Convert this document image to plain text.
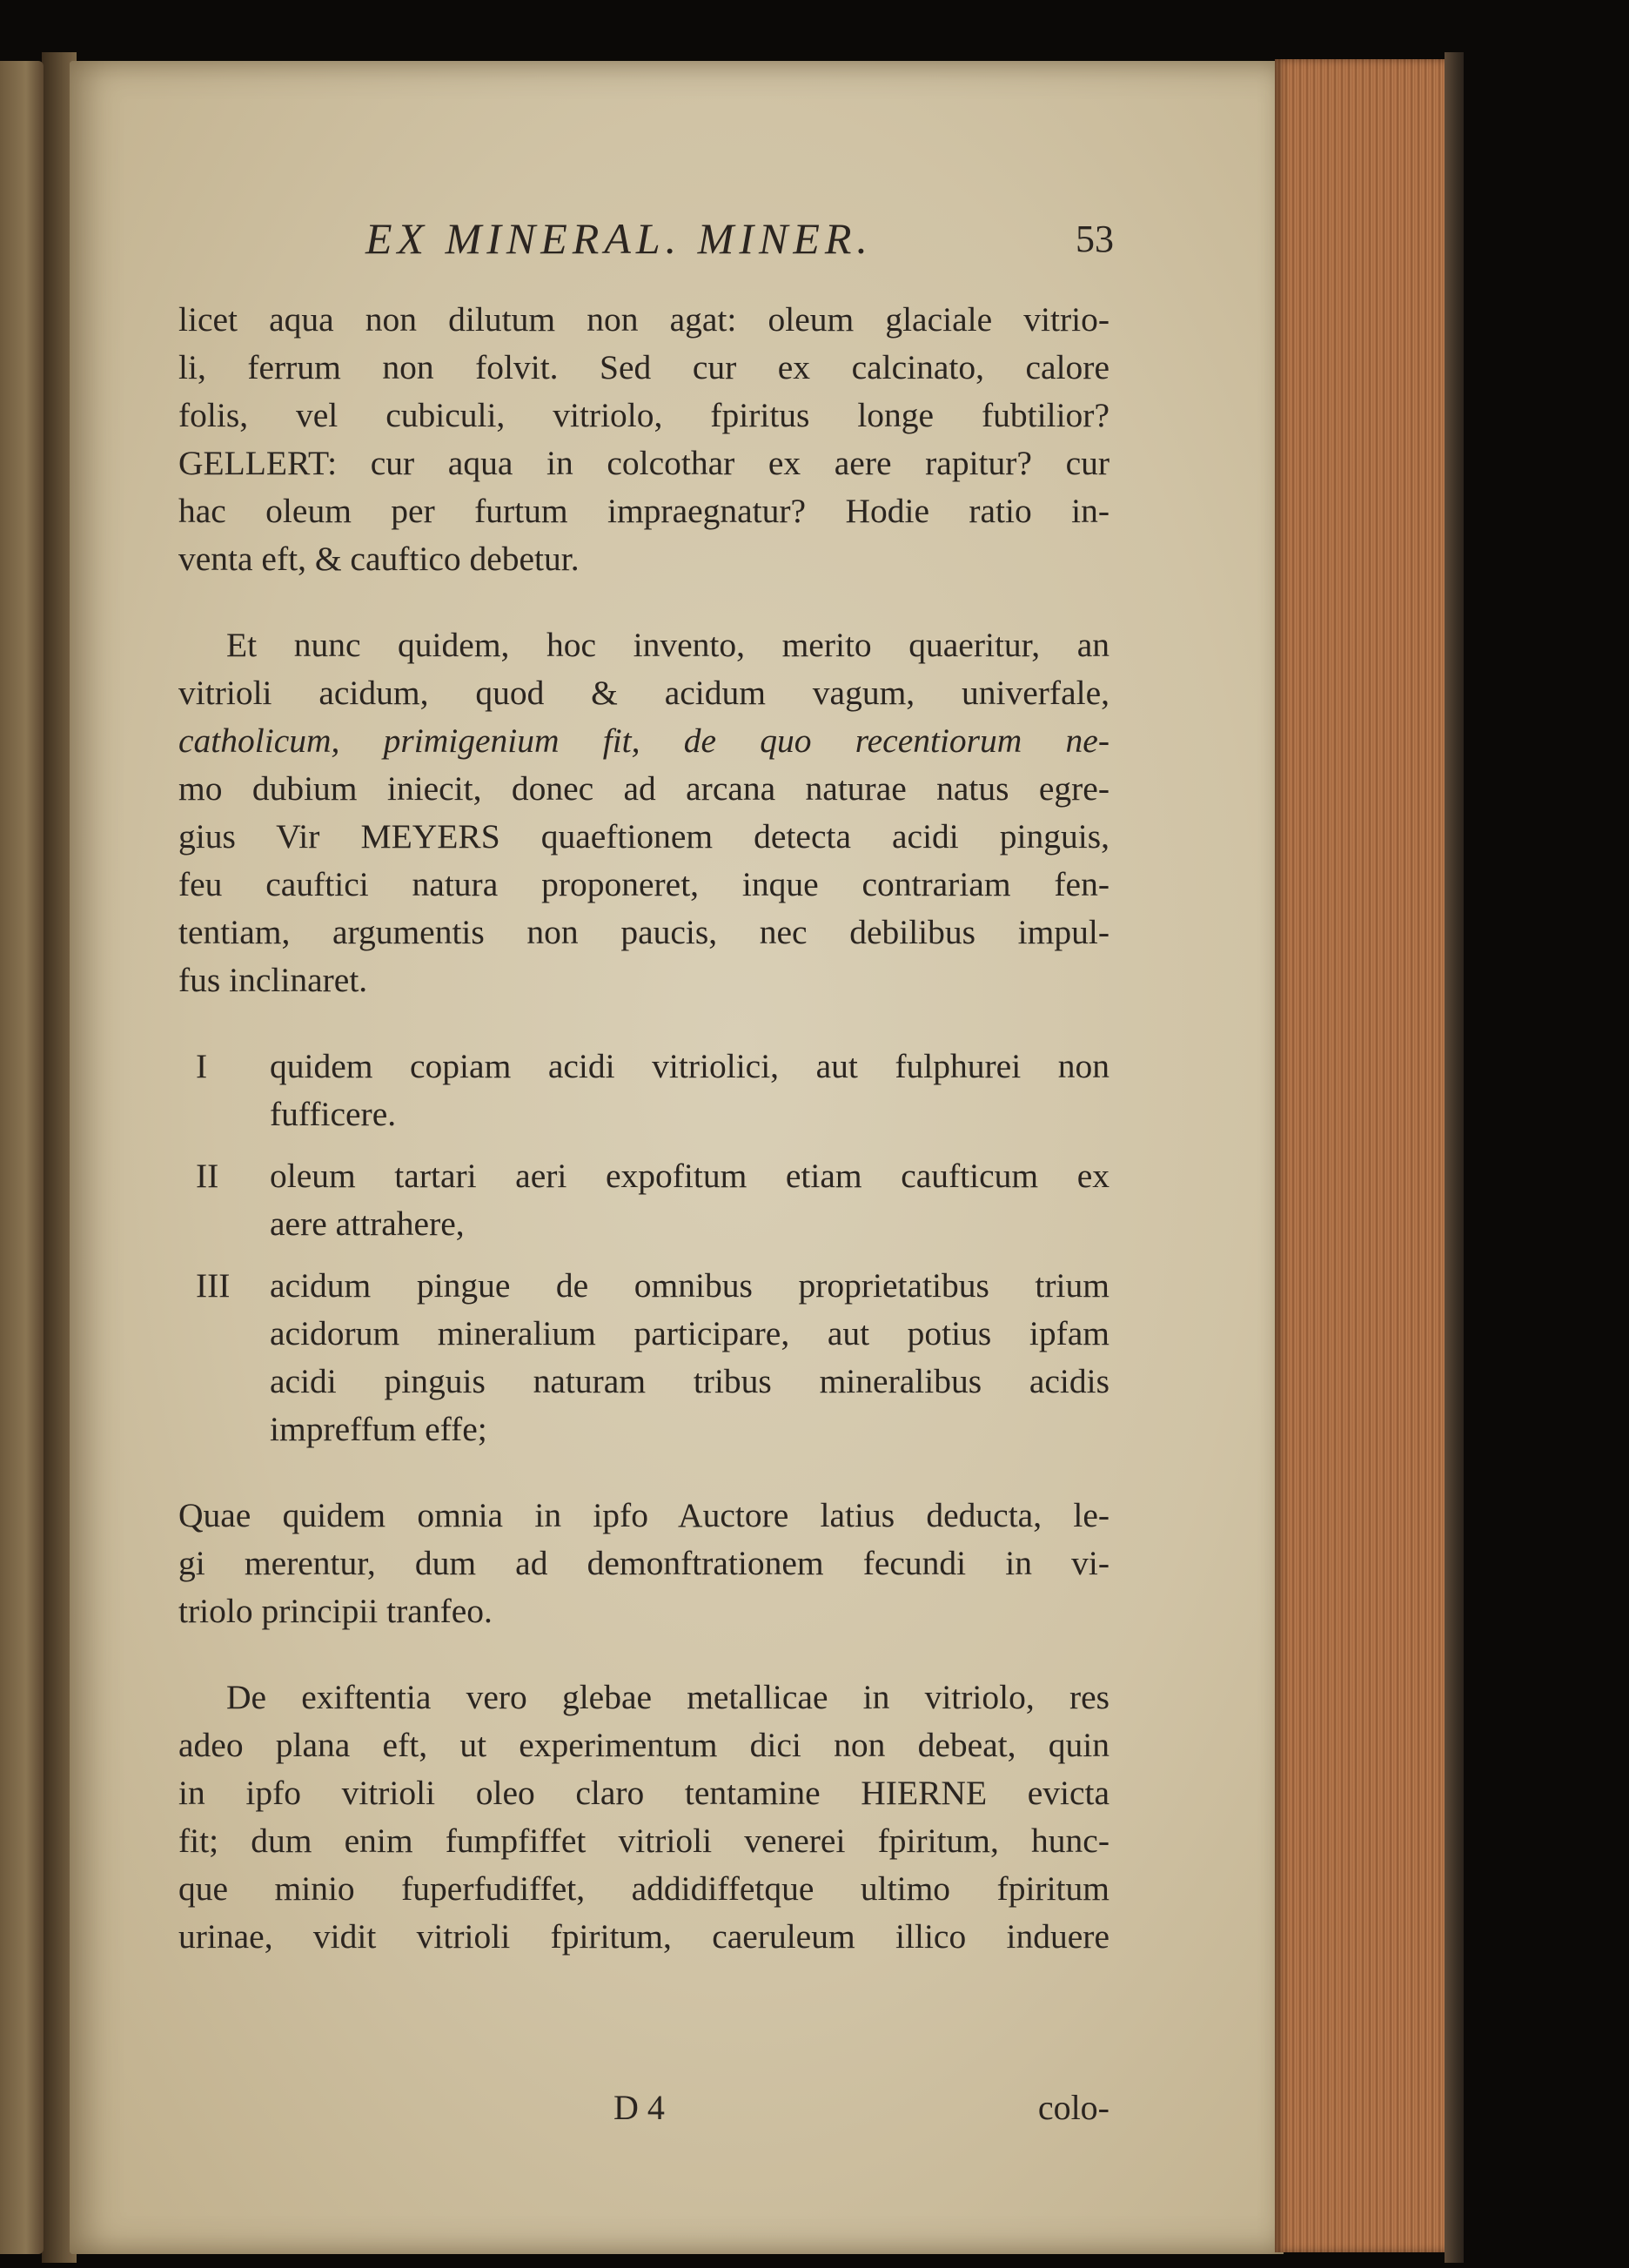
EX MINERAL. MINER.	53

licet aqua non dilutum non agat: oleum glaciale vitrio-
li, ferrum non folvit. Sed cur ex calcinato, calore
folis, vel cubiculi, vitriolo, fpiritus longe fubtilior?
GELLERT: cur aqua in colcothar ex aere rapitur? cur
hac oleum per furtum impraegnatur? Hodie ratio in-
venta eft, & cauftico debetur.

Et nunc quidem, hoc invento, merito quaeritur, an
vitrioli acidum, quod & acidum vagum, univerfale,
catholicum, primigenium fit, de quo recentiorum ne-
mo dubium iniecit, donec ad arcana naturae natus egre-
gius Vir MEYERS quaeftionem detecta acidi pinguis,
feu cauftici natura proponeret, inque contrariam fen-
tentiam, argumentis non paucis, nec debilibus impul-
fus inclinaret.

I quidem copiam acidi vitriolici, aut fulphurei non
fufficere.
II oleum tartari aeri expofitum etiam caufticum ex
aere attrahere,
III acidum pingue de omnibus proprietatibus trium
acidorum mineralium participare, aut potius ipfam
acidi pinguis naturam tribus mineralibus acidis
impreffum effe;

Quae quidem omnia in ipfo Auctore latius deducta, le-
gi merentur, dum ad demonftrationem fecundi in vi-
triolo principii tranfeo.

De exiftentia vero glebae metallicae in vitriolo, res
adeo plana eft, ut experimentum dici non debeat, quin
in ipfo vitrioli oleo claro tentamine HIERNE evicta
fit; dum enim fumpfiffet vitrioli venerei fpiritum, hunc-
que minio fuperfudiffet, addidiffetque ultimo fpiritum
urinae, vidit vitrioli fpiritum, caeruleum illico induere

D 4	colo-
